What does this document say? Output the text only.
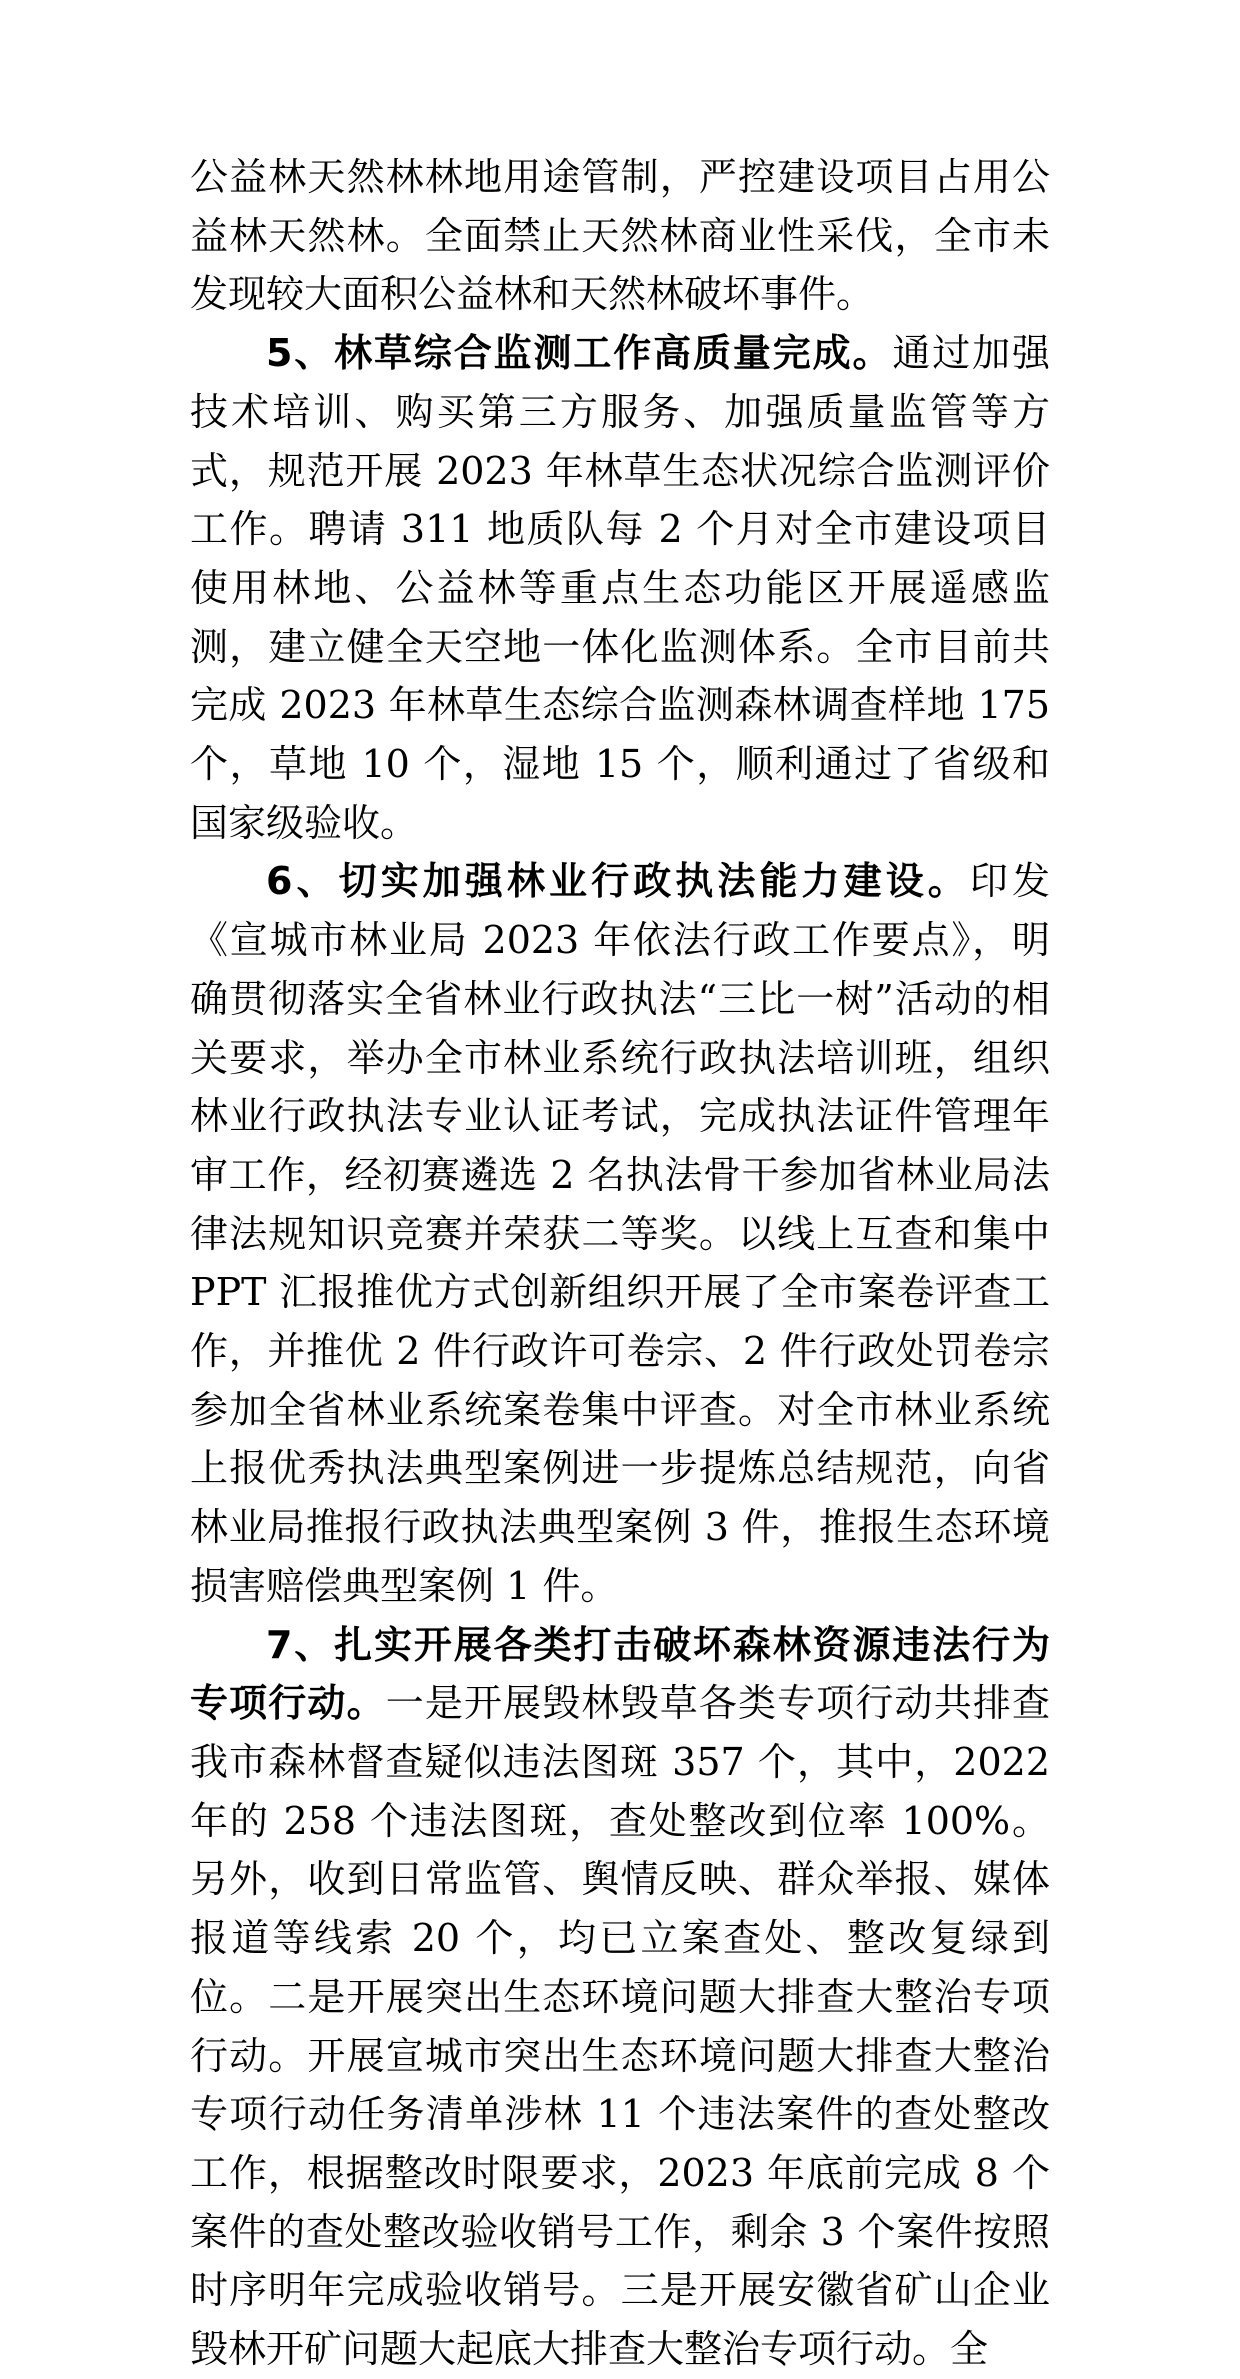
公益林天然林林地用途管制，严控建设项目占用公益林天然林。全面禁止天然林商业性采伐，全市未发现较大面积公益林和天然林破坏事件。

5、林草综合监测工作高质量完成。通过加强技术培训、购买第三方服务、加强质量监管等方式，规范开展 2023 年林草生态状况综合监测评价工作。聘请 311 地质队每 2 个月对全市建设项目使用林地、公益林等重点生态功能区开展遥感监测，建立健全天空地一体化监测体系。全市目前共完成 2023 年林草生态综合监测森林调查样地 175 个，草地 10 个，湿地 15 个，顺利通过了省级和国家级验收。

6、切实加强林业行政执法能力建设。印发《宣城市林业局 2023 年依法行政工作要点》，明确贯彻落实全省林业行政执法“三比一树”活动的相关要求，举办全市林业系统行政执法培训班，组织林业行政执法专业认证考试，完成执法证件管理年审工作，经初赛遴选 2 名执法骨干参加省林业局法律法规知识竞赛并荣获二等奖。以线上互查和集中 PPT 汇报推优方式创新组织开展了全市案卷评查工作，并推优 2 件行政许可卷宗、2 件行政处罚卷宗参加全省林业系统案卷集中评查。对全市林业系统上报优秀执法典型案例进一步提炼总结规范，向省林业局推报行政执法典型案例 3 件，推报生态环境损害赔偿典型案例 1 件。

7、扎实开展各类打击破坏森林资源违法行为专项行动。一是开展毁林毁草各类专项行动共排查我市森林督查疑似违法图斑 357 个，其中，2022 年的 258 个违法图斑，查处整改到位率 100%。另外，收到日常监管、舆情反映、群众举报、媒体报道等线索 20 个，均已立案查处、整改复绿到位。二是开展突出生态环境问题大排查大整治专项行动。开展宣城市突出生态环境问题大排查大整治专项行动任务清单涉林 11 个违法案件的查处整改工作，根据整改时限要求，2023 年底前完成 8 个案件的查处整改验收销号工作，剩余 3 个案件按照时序明年完成验收销号。三是开展安徽省矿山企业毁林开矿问题大起底大排查大整治专项行动。全
